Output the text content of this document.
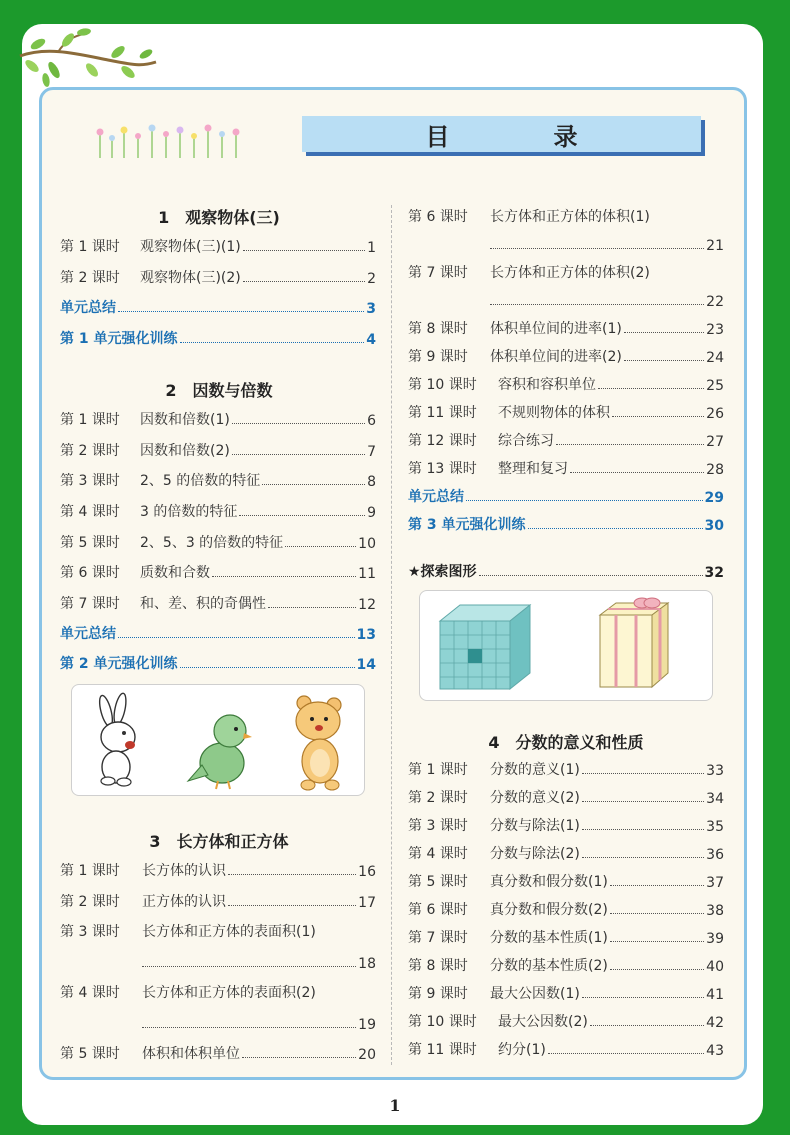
目　录
1　观察物体(三)
第 1 课时	观察物体(三)(1)	1
第 2 课时	观察物体(三)(2)	2
单元总结	3
第 1 单元强化训练	4
2　因数与倍数
第 1 课时	因数和倍数(1)	6
第 2 课时	因数和倍数(2)	7
第 3 课时	2、5 的倍数的特征	8
第 4 课时	3 的倍数的特征	9
第 5 课时	2、5、3 的倍数的特征	10
第 6 课时	质数和合数	11
第 7 课时	和、差、积的奇偶性	12
单元总结	13
第 2 单元强化训练	14
3　长方体和正方体
第 1 课时	长方体的认识	16
第 2 课时	正方体的认识	17
第 3 课时	长方体和正方体的表面积(1)
18
第 4 课时	长方体和正方体的表面积(2)
19
第 5 课时	体积和体积单位	20
第 6 课时	长方体和正方体的体积(1)
21
第 7 课时	长方体和正方体的体积(2)
22
第 8 课时	体积单位间的进率(1)	23
第 9 课时	体积单位间的进率(2)	24
第 10 课时	容积和容积单位	25
第 11 课时	不规则物体的体积	26
第 12 课时	综合练习	27
第 13 课时	整理和复习	28
单元总结	29
第 3 单元强化训练	30
★探索图形	32
4　分数的意义和性质
第 1 课时	分数的意义(1)	33
第 2 课时	分数的意义(2)	34
第 3 课时	分数与除法(1)	35
第 4 课时	分数与除法(2)	36
第 5 课时	真分数和假分数(1)	37
第 6 课时	真分数和假分数(2)	38
第 7 课时	分数的基本性质(1)	39
第 8 课时	分数的基本性质(2)	40
第 9 课时	最大公因数(1)	41
第 10 课时	最大公因数(2)	42
第 11 课时	约分(1)	43
1
